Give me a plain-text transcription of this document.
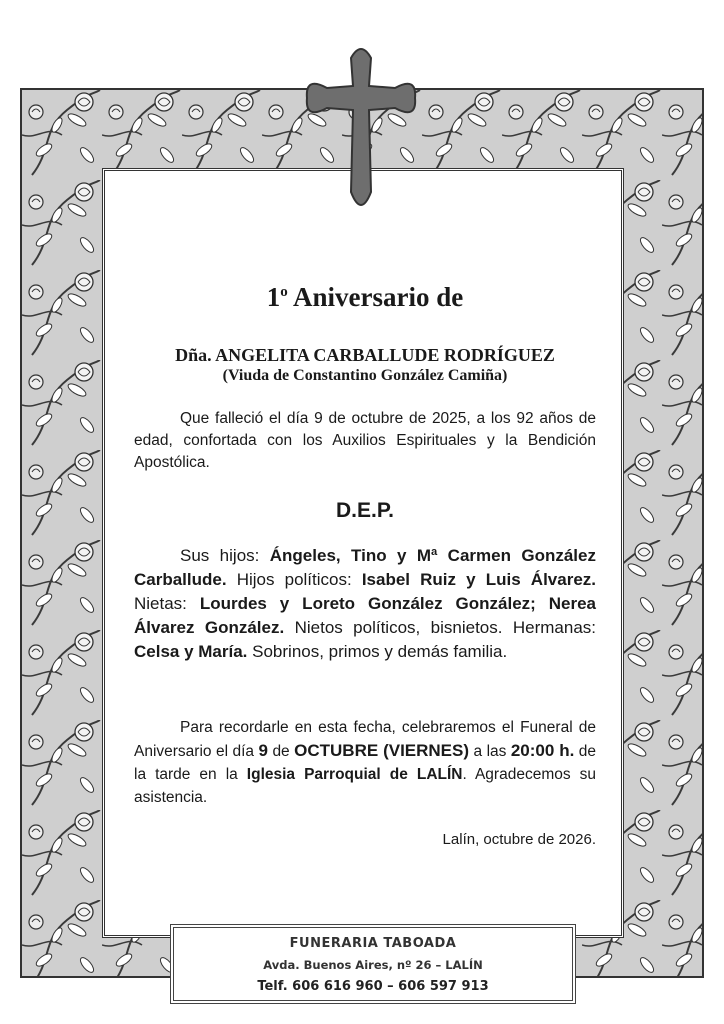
1$^o$ Aniversario de
Dña. ANGELITA CARBALLUDE RODRÍGUEZ
(Viuda de Constantino González Camiña)

Que falleció el día 9 de octubre de 2025, a los 92 años de edad, confortada con los Auxilios Espirituales y la Bendición Apostólica.

D.E.P.

Sus hijos: Ángeles, Tino y Mª Carmen González Carballude. Hijos políticos: Isabel Ruiz y Luis Álvarez. Nietas: Lourdes y Loreto González González; Nerea Álvarez González. Nietos políticos, bisnietos. Hermanas: Celsa y María. Sobrinos, primos y demás familia.

Para recordarle en esta fecha, celebraremos el Funeral de Aniversario el día 9 de OCTUBRE (VIERNES) a las 20:00 h. de la tarde en la Iglesia Parroquial de LALÍN. Agradecemos su asistencia.

Lalín, octubre de 2026.
FUNERARIA TABOADA
Avda. Buenos Aires, nº 26 – LALÍN
Telf. 606 616 960 – 606 597 913
